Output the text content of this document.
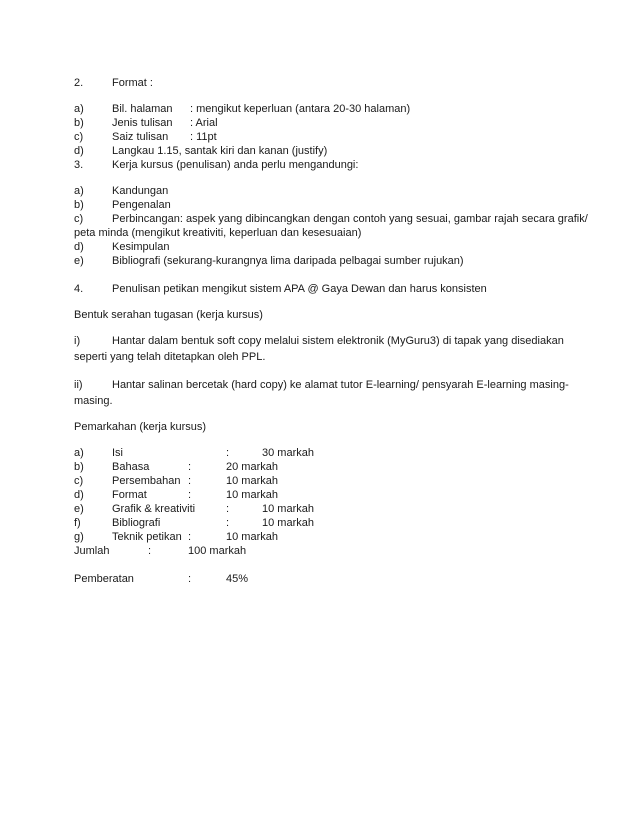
2.	Format :
a)	Bil. halaman : mengikut keperluan (antara 20-30 halaman)
b)	Jenis tulisan : Arial
c)	Saiz tulisan : 11pt
d)	Langkau 1.15, santak kiri dan kanan (justify)
3.	Kerja kursus (penulisan) anda perlu mengandungi:
a)	Kandungan
b)	Pengenalan
c)	Perbincangan: aspek yang dibincangkan dengan contoh yang sesuai, gambar rajah secara grafik/
peta minda (mengikut kreativiti, keperluan dan kesesuaian)
d)	Kesimpulan
e)	Bibliografi (sekurang-kurangnya lima daripada pelbagai sumber rujukan)
4.	Penulisan petikan mengikut sistem APA @ Gaya Dewan dan harus konsisten
Bentuk serahan tugasan (kerja kursus)
i)	Hantar dalam bentuk soft copy melalui sistem elektronik (MyGuru3) di tapak yang disediakan
seperti yang telah ditetapkan oleh PPL.
ii)	Hantar salinan bercetak (hard copy) ke alamat tutor E-learning/ pensyarah E-learning masing-
masing.
Pemarkahan (kerja kursus)
a)	Isi	:	30 markah
b)	Bahasa	:	20 markah
c)	Persembahan :	10 markah
d)	Format	:	10 markah
e)	Grafik & kreativiti	:	10 markah
f)	Bibliografi	:	10 markah
g)	Teknik petikan :	10 markah
Jumlah	:	100 markah
Pemberatan	:	45%
